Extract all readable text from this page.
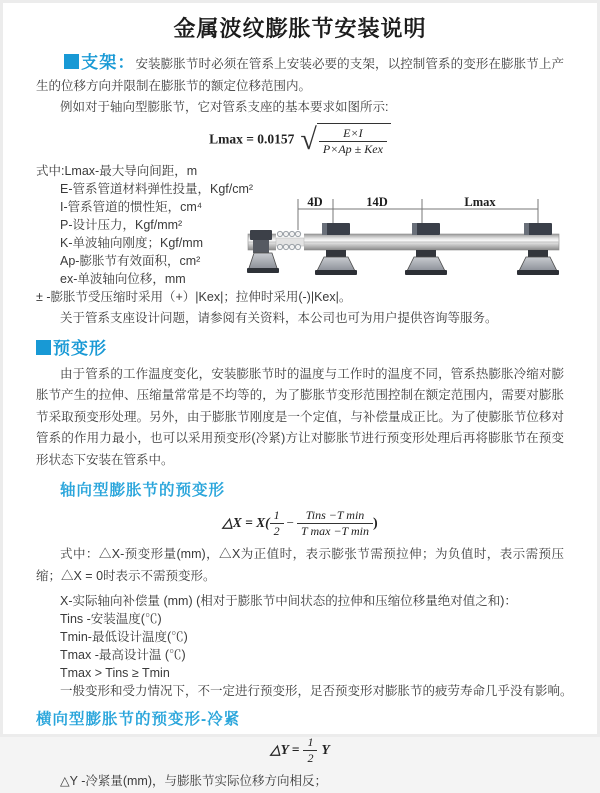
金属波纹膨胀节安装说明

支架：安装膨胀节时必须在管系上安装必要的支架，以控制管系的变形在膨胀节上产生的位移方向并限制在膨胀节的额定位移范围内。

例如对于轴向型膨胀节，它对管系支座的基本要求如图所示:

Lmax = 0.0157 √ $\frac{E\times I}{\text{P×Ap ± Kex}}$
式中:Lmax-最大导向间距，m
E-管系管道材料弹性投量，Kgf/cm²
I-管系管道的惯性矩，cm⁴
P-设计压力，Kgf/mm²
K-单波轴向刚度；Kgf/mm
Ap-膨胀节有效面积，cm²
ex-单波轴向位移，mm
± -膨胀节受压缩时采用（+）|Kex|；拉伸时采用(-)|Kex|。
关于管系支座设计问题，请参阅有关资料，本公司也可为用户提供咨询等服务。

预变形

由于管系的工作温度变化，安装膨胀节时的温度与工作时的温度不同，管系热膨胀冷缩对膨胀节产生的拉伸、压缩量常常是不均等的，为了膨胀节变形范围控制在额定范围内，需要对膨胀节采取预变形处理。另外，由于膨胀节刚度是一个定值，与补偿量成正比。为了使膨胀节位移对管系的作用力最小，也可以采用预变形(冷紧)方让对膨胀节进行预变形处理后再将膨胀节在预变形状态下安装在管系中。

轴向型膨胀节的预变形
△X = $X( \frac{1}{2} - \frac{\text{Tins −T min}}{\text{T max −T min}}$ )

式中：△X-预变形量(mm)，△X为正值时，表示膨张节需预拉伸；为负值时，表示需预压缩；△X = 0时表示不需预变形。

X-实际轴向补偿量 (mm) (相对于膨胀节中间状态的拉伸和压缩位移量绝对值之和)：
Tins -安装温度(℃)
Tmin-最低设计温度(℃)
Tmax -最高设计温 (℃)
Tmax > Tins ≥ Tmin
一般变形和受力情况下，不一定进行预变形，足否预变形对膨胀节的疲劳寿命几乎没有影响。
横向型膨胀节的预变形-冷紧
△Y = $\frac{1}{2}$ Y

△Y -冷紧量(mm)，与膨胀节实际位移方向相反；

4D	14D	Lmax
